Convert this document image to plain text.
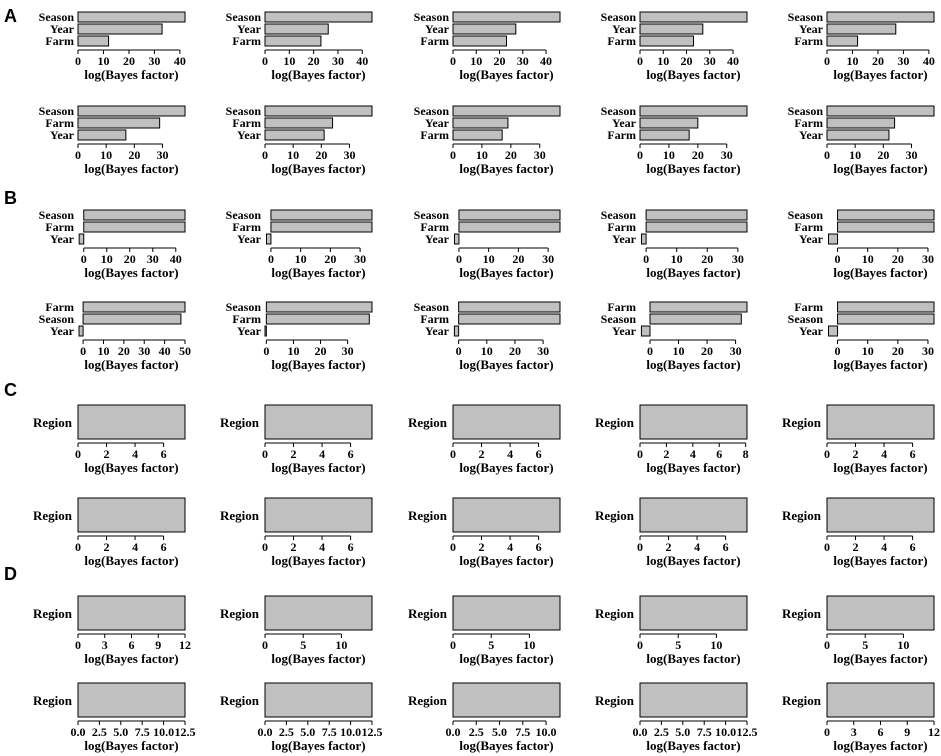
A
B
C
D
Season
Year
Farm
0 10 20 30 40
log(Bayes factor)
Season
Year
Farm
0 10 20 30 40
log(Bayes factor)
Season
Year
Farm
0 10 20 30 40
log(Bayes factor)
Season
Year
Farm
0 10 20 30 40
log(Bayes factor)
Season
Year
Farm
0 10 20 30 40
log(Bayes factor)
Season
Farm
Year
0 10 20 30
log(Bayes factor)
Season
Farm
Year
0 10 20 30
log(Bayes factor)
Season
Year
Farm
0 10 20 30
log(Bayes factor)
Season
Year
Farm
0 10 20 30
log(Bayes factor)
Season
Farm
Year
0 10 20 30
log(Bayes factor)
Season
Farm
Year
0 10 20 30 40
log(Bayes factor)
Season
Farm
Year
0 10 20 30
log(Bayes factor)
Season
Farm
Year
0 10 20 30
log(Bayes factor)
Season
Farm
Year
0 10 20 30
log(Bayes factor)
Season
Farm
Year
0 10 20 30
log(Bayes factor)
Farm
Season
Year
0 10 20 30 40 50
log(Bayes factor)
Season
Farm
Year
0 10 20 30
log(Bayes factor)
Season
Farm
Year
0 10 20 30
log(Bayes factor)
Farm
Season
Year
0 10 20 30
log(Bayes factor)
Farm
Season
Year
0 10 20 30
log(Bayes factor)
Region
0 2 4 6
log(Bayes factor)
Region
0 2 4 6
log(Bayes factor)
Region
0 2 4 6
log(Bayes factor)
Region
0 2 4 6 8
log(Bayes factor)
Region
0 2 4 6
log(Bayes factor)
Region
0 2 4 6
log(Bayes factor)
Region
0 2 4 6
log(Bayes factor)
Region
0 2 4 6
log(Bayes factor)
Region
0 2 4 6
log(Bayes factor)
Region
0 2 4 6
log(Bayes factor)
Region
0 3 6 9 12
log(Bayes factor)
Region
0	5 10
log(Bayes factor)
Region
0	5 10
log(Bayes factor)
Region
0	5 10
log(Bayes factor)
Region
0	5 10
log(Bayes factor)
Region
0.0 2.5 5.0 7.5 10.0 12.5
log(Bayes factor)
Region
0.0 2.5 5.0 7.5 10.0 12.5
log(Bayes factor)
Region
0.0 2.5 5.0 7.5 10.0
log(Bayes factor)
Region
0.0 2.5 5.0 7.5 10.0 12.5
log(Bayes factor)
Region
0 3 6 9 12
log(Bayes factor)
